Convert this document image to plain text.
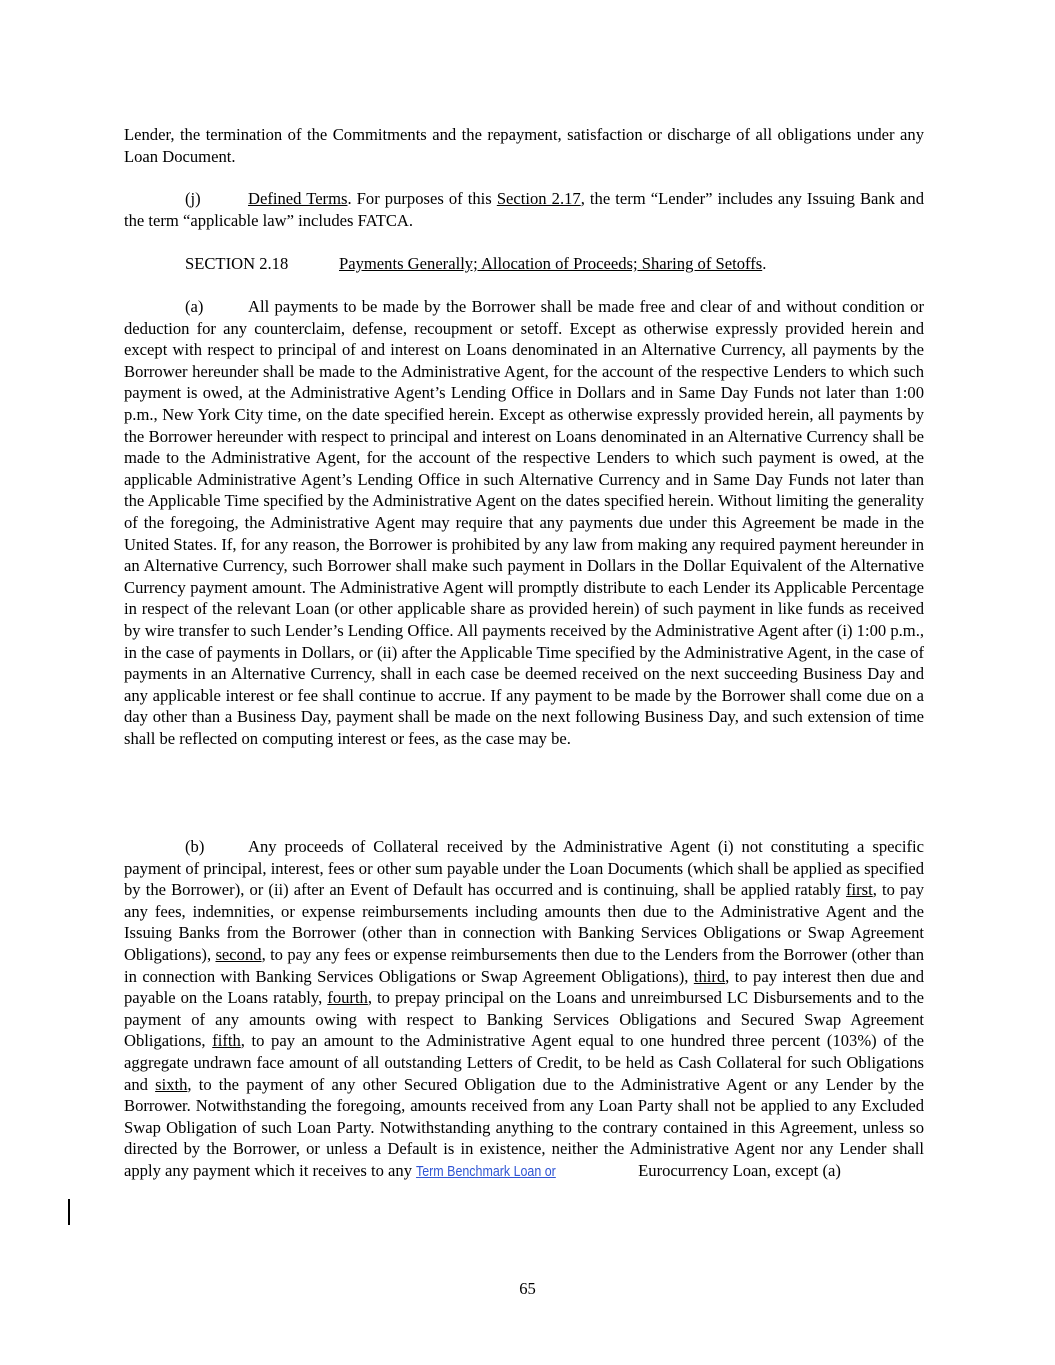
Lender, the termination of the Commitments and the repayment, satisfaction or discharge of all obligations under any Loan Document.

(j)	Defined Terms. For purposes of this Section 2.17, the term “Lender” includes any Issuing Bank and the term “applicable law” includes FATCA.

SECTION 2.18	Payments Generally; Allocation of Proceeds; Sharing of Setoffs.

(a)	All payments to be made by the Borrower shall be made free and clear of and without condition or deduction for any counterclaim, defense, recoupment or setoff. Except as otherwise expressly provided herein and except with respect to principal of and interest on Loans denominated in an Alternative Currency, all payments by the Borrower hereunder shall be made to the Administrative Agent, for the account of the respective Lenders to which such payment is owed, at the Administrative Agent’s Lending Office in Dollars and in Same Day Funds not later than 1:00 p.m., New York City time, on the date specified herein. Except as otherwise expressly provided herein, all payments by the Borrower hereunder with respect to principal and interest on Loans denominated in an Alternative Currency shall be made to the Administrative Agent, for the account of the respective Lenders to which such payment is owed, at the applicable Administrative Agent’s Lending Office in such Alternative Currency and in Same Day Funds not later than the Applicable Time specified by the Administrative Agent on the dates specified herein. Without limiting the generality of the foregoing, the Administrative Agent may require that any payments due under this Agreement be made in the United States. If, for any reason, the Borrower is prohibited by any law from making any required payment hereunder in an Alternative Currency, such Borrower shall make such payment in Dollars in the Dollar Equivalent of the Alternative Currency payment amount. The Administrative Agent will promptly distribute to each Lender its Applicable Percentage in respect of the relevant Loan (or other applicable share as provided herein) of such payment in like funds as received by wire transfer to such Lender’s Lending Office. All payments received by the Administrative Agent after (i) 1:00 p.m., in the case of payments in Dollars, or (ii) after the Applicable Time specified by the Administrative Agent, in the case of payments in an Alternative Currency, shall in each case be deemed received on the next succeeding Business Day and any applicable interest or fee shall continue to accrue. If any payment to be made by the Borrower shall come due on a day other than a Business Day, payment shall be made on the next following Business Day, and such extension of time shall be reflected on computing interest or fees, as the case may be.

(b)	Any proceeds of Collateral received by the Administrative Agent (i) not constituting a specific payment of principal, interest, fees or other sum payable under the Loan Documents (which shall be applied as specified by the Borrower), or (ii) after an Event of Default has occurred and is continuing, shall be applied ratably first, to pay any fees, indemnities, or expense reimbursements including amounts then due to the Administrative Agent and the Issuing Banks from the Borrower (other than in connection with Banking Services Obligations or Swap Agreement Obligations), second, to pay any fees or expense reimbursements then due to the Lenders from the Borrower (other than in connection with Banking Services Obligations or Swap Agreement Obligations), third, to pay interest then due and payable on the Loans ratably, fourth, to prepay principal on the Loans and unreimbursed LC Disbursements and to the payment of any amounts owing with respect to Banking Services Obligations and Secured Swap Agreement Obligations, fifth, to pay an amount to the Administrative Agent equal to one hundred three percent (103%) of the aggregate undrawn face amount of all outstanding Letters of Credit, to be held as Cash Collateral for such Obligations and sixth, to the payment of any other Secured Obligation due to the Administrative Agent or any Lender by the Borrower. Notwithstanding the foregoing, amounts received from any Loan Party shall not be applied to any Excluded Swap Obligation of such Loan Party. Notwithstanding anything to the contrary contained in this Agreement, unless so directed by the Borrower, or unless a Default is in existence, neither the Administrative Agent nor any Lender shall apply any payment which it receives to any Term Benchmark Loan or	Eurocurrency Loan, except (a)

65
